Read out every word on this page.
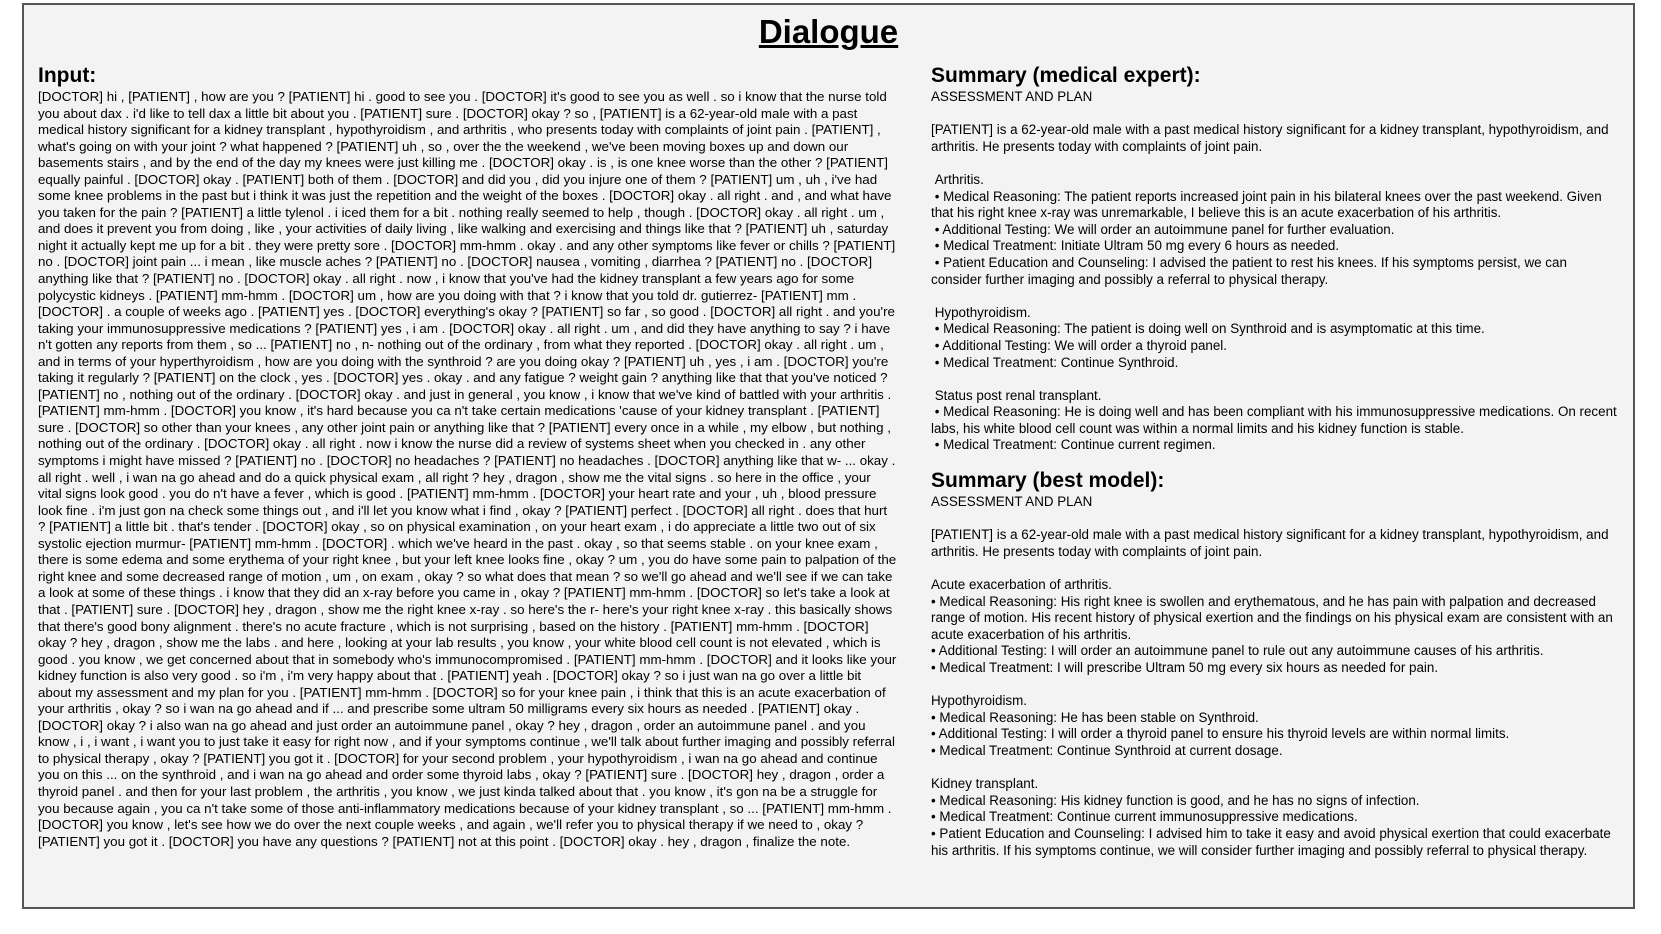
Dialogue
Input:
[DOCTOR] hi , [PATIENT] , how are you ? [PATIENT] hi . good to see you . [DOCTOR] it's good to see you as well . so i know that the nurse told you about dax . i'd like to tell dax a little bit about you . [PATIENT] sure . [DOCTOR] okay ? so , [PATIENT] is a 62-year-old male with a past medical history significant for a kidney transplant , hypothyroidism , and arthritis , who presents today with complaints of joint pain . [PATIENT] , what's going on with your joint ? what happened ? [PATIENT] uh , so , over the the weekend , we've been moving boxes up and down our basements stairs , and by the end of the day my knees were just killing me . [DOCTOR] okay . is , is one knee worse than the other ? [PATIENT] equally painful . [DOCTOR] okay . [PATIENT] both of them . [DOCTOR] and did you , did you injure one of them ? [PATIENT] um , uh , i've had some knee problems in the past but i think it was just the repetition and the weight of the boxes . [DOCTOR] okay . all right . and , and what have you taken for the pain ? [PATIENT] a little tylenol . i iced them for a bit . nothing really seemed to help , though . [DOCTOR] okay . all right . um , and does it prevent you from doing , like , your activities of daily living , like walking and exercising and things like that ? [PATIENT] uh , saturday night it actually kept me up for a bit . they were pretty sore . [DOCTOR] mm-hmm . okay . and any other symptoms like fever or chills ? [PATIENT] no . [DOCTOR] joint pain ... i mean , like muscle aches ? [PATIENT] no . [DOCTOR] nausea , vomiting , diarrhea ? [PATIENT] no . [DOCTOR] anything like that ? [PATIENT] no . [DOCTOR] okay . all right . now , i know that you've had the kidney transplant a few years ago for some polycystic kidneys . [PATIENT] mm-hmm . [DOCTOR] um , how are you doing with that ? i know that you told dr. gutierrez- [PATIENT] mm . [DOCTOR] . a couple of weeks ago . [PATIENT] yes . [DOCTOR] everything's okay ? [PATIENT] so far , so good . [DOCTOR] all right . and you're taking your immunosuppressive medications ? [PATIENT] yes , i am . [DOCTOR] okay . all right . um , and did they have anything to say ? i have n't gotten any reports from them , so ... [PATIENT] no , n- nothing out of the ordinary , from what they reported . [DOCTOR] okay . all right . um , and in terms of your hyperthyroidism , how are you doing with the synthroid ? are you doing okay ? [PATIENT] uh , yes , i am . [DOCTOR] you're taking it regularly ? [PATIENT] on the clock , yes . [DOCTOR] yes . okay . and any fatigue ? weight gain ? anything like that that you've noticed ? [PATIENT] no , nothing out of the ordinary . [DOCTOR] okay . and just in general , you know , i know that we've kind of battled with your arthritis . [PATIENT] mm-hmm . [DOCTOR] you know , it's hard because you ca n't take certain medications 'cause of your kidney transplant . [PATIENT] sure . [DOCTOR] so other than your knees , any other joint pain or anything like that ? [PATIENT] every once in a while , my elbow , but nothing , nothing out of the ordinary . [DOCTOR] okay . all right . now i know the nurse did a review of systems sheet when you checked in . any other symptoms i might have missed ? [PATIENT] no . [DOCTOR] no headaches ? [PATIENT] no headaches . [DOCTOR] anything like that w- ... okay . all right . well , i wan na go ahead and do a quick physical exam , all right ? hey , dragon , show me the vital signs . so here in the office , your vital signs look good . you do n't have a fever , which is good . [PATIENT] mm-hmm . [DOCTOR] your heart rate and your , uh , blood pressure look fine . i'm just gon na check some things out , and i'll let you know what i find , okay ? [PATIENT] perfect . [DOCTOR] all right . does that hurt ? [PATIENT] a little bit . that's tender . [DOCTOR] okay , so on physical examination , on your heart exam , i do appreciate a little two out of six systolic ejection murmur- [PATIENT] mm-hmm . [DOCTOR] . which we've heard in the past . okay , so that seems stable . on your knee exam , there is some edema and some erythema of your right knee , but your left knee looks fine , okay ? um , you do have some pain to palpation of the right knee and some decreased range of motion , um , on exam , okay ? so what does that mean ? so we'll go ahead and we'll see if we can take a look at some of these things . i know that they did an x-ray before you came in , okay ? [PATIENT] mm-hmm . [DOCTOR] so let's take a look at that . [PATIENT] sure . [DOCTOR] hey , dragon , show me the right knee x-ray . so here's the r- here's your right knee x-ray . this basically shows that there's good bony alignment . there's no acute fracture , which is not surprising , based on the history . [PATIENT] mm-hmm . [DOCTOR] okay ? hey , dragon , show me the labs . and here , looking at your lab results , you know , your white blood cell count is not elevated , which is good . you know , we get concerned about that in somebody who's immunocompromised . [PATIENT] mm-hmm . [DOCTOR] and it looks like your kidney function is also very good . so i'm , i'm very happy about that . [PATIENT] yeah . [DOCTOR] okay ? so i just wan na go over a little bit about my assessment and my plan for you . [PATIENT] mm-hmm . [DOCTOR] so for your knee pain , i think that this is an acute exacerbation of your arthritis , okay ? so i wan na go ahead and if ... and prescribe some ultram 50 milligrams every six hours as needed . [PATIENT] okay . [DOCTOR] okay ? i also wan na go ahead and just order an autoimmune panel , okay ? hey , dragon , order an autoimmune panel . and you know , i , i want , i want you to just take it easy for right now , and if your symptoms continue , we'll talk about further imaging and possibly referral to physical therapy , okay ? [PATIENT] you got it . [DOCTOR] for your second problem , your hypothyroidism , i wan na go ahead and continue you on this ... on the synthroid , and i wan na go ahead and order some thyroid labs , okay ? [PATIENT] sure . [DOCTOR] hey , dragon , order a thyroid panel . and then for your last problem , the arthritis , you know , we just kinda talked about that . you know , it's gon na be a struggle for you because again , you ca n't take some of those anti-inflammatory medications because of your kidney transplant , so ... [PATIENT] mm-hmm . [DOCTOR] you know , let's see how we do over the next couple weeks , and again , we'll refer you to physical therapy if we need to , okay ? [PATIENT] you got it . [DOCTOR] you have any questions ? [PATIENT] not at this point . [DOCTOR] okay . hey , dragon , finalize the note.
Summary (medical expert):
ASSESSMENT AND PLAN

[PATIENT] is a 62-year-old male with a past medical history significant for a kidney transplant, hypothyroidism, and arthritis. He presents today with complaints of joint pain.

Arthritis.
• Medical Reasoning: The patient reports increased joint pain in his bilateral knees over the past weekend. Given that his right knee x-ray was unremarkable, I believe this is an acute exacerbation of his arthritis.
• Additional Testing: We will order an autoimmune panel for further evaluation.
• Medical Treatment: Initiate Ultram 50 mg every 6 hours as needed.
• Patient Education and Counseling: I advised the patient to rest his knees. If his symptoms persist, we can consider further imaging and possibly a referral to physical therapy.

Hypothyroidism.
• Medical Reasoning: The patient is doing well on Synthroid and is asymptomatic at this time.
• Additional Testing: We will order a thyroid panel.
• Medical Treatment: Continue Synthroid.

Status post renal transplant.
• Medical Reasoning: He is doing well and has been compliant with his immunosuppressive medications. On recent labs, his white blood cell count was within a normal limits and his kidney function is stable.
• Medical Treatment: Continue current regimen.
Summary (best model):
ASSESSMENT AND PLAN

[PATIENT] is a 62-year-old male with a past medical history significant for a kidney transplant, hypothyroidism, and arthritis. He presents today with complaints of joint pain.

Acute exacerbation of arthritis.
• Medical Reasoning: His right knee is swollen and erythematous, and he has pain with palpation and decreased range of motion. His recent history of physical exertion and the findings on his physical exam are consistent with an acute exacerbation of his arthritis.
• Additional Testing: I will order an autoimmune panel to rule out any autoimmune causes of his arthritis.
• Medical Treatment: I will prescribe Ultram 50 mg every six hours as needed for pain.

Hypothyroidism.
• Medical Reasoning: He has been stable on Synthroid.
• Additional Testing: I will order a thyroid panel to ensure his thyroid levels are within normal limits.
• Medical Treatment: Continue Synthroid at current dosage.

Kidney transplant.
• Medical Reasoning: His kidney function is good, and he has no signs of infection.
• Medical Treatment: Continue current immunosuppressive medications.
• Patient Education and Counseling: I advised him to take it easy and avoid physical exertion that could exacerbate his arthritis. If his symptoms continue, we will consider further imaging and possibly referral to physical therapy.
